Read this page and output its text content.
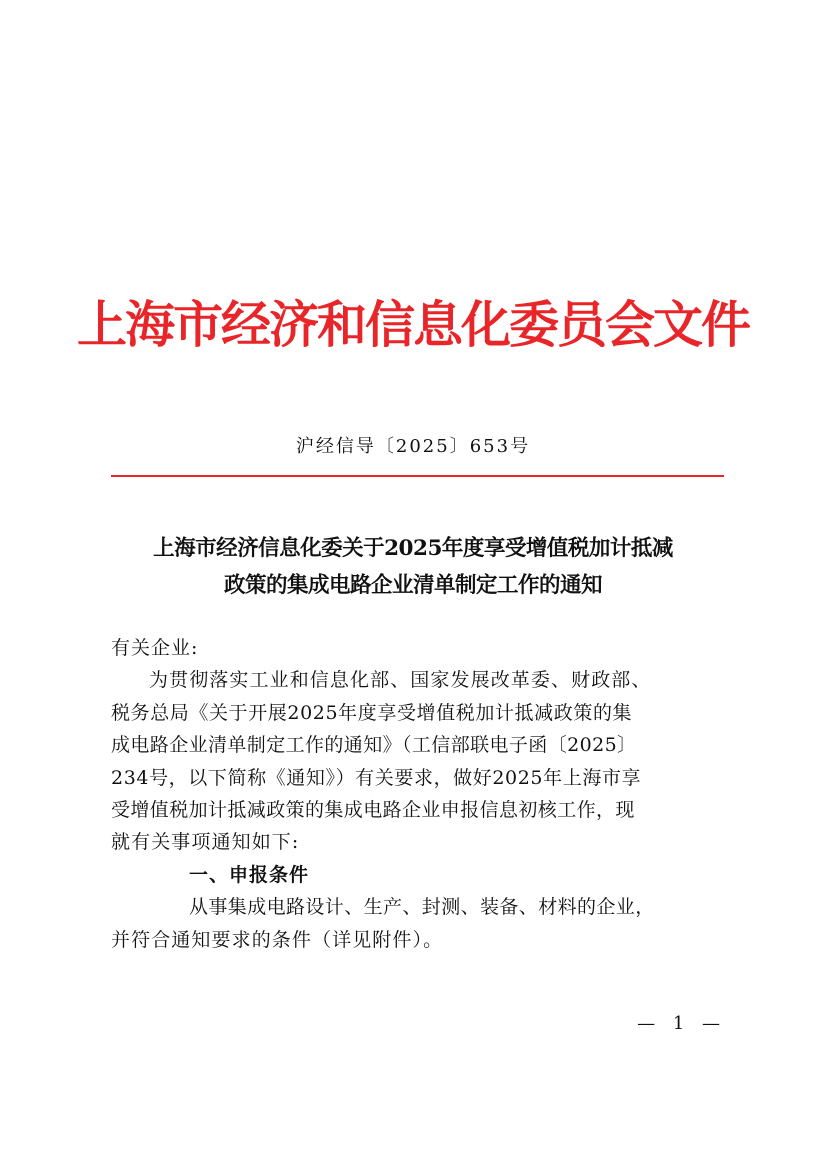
上海市经济和信息化委员会文件
沪经信导〔2025〕653号
上海市经济信息化委关于2025年度享受增值税加计抵减
政策的集成电路企业清单制定工作的通知
有关企业:
为贯彻落实工业和信息化部、国家发展改革委、财政部、
税务总局《关于开展2025年度享受增值税加计抵减政策的集
成电路企业清单制定工作的通知》（工信部联电子函〔2025〕
234号，以下简称《通知》）有关要求，做好2025年上海市享
受增值税加计抵减政策的集成电路企业申报信息初核工作，现
就有关事项通知如下:
一、申报条件
从事集成电路设计、生产、封测、装备、材料的企业，
并符合通知要求的条件（详见附件）。
— 1 —
